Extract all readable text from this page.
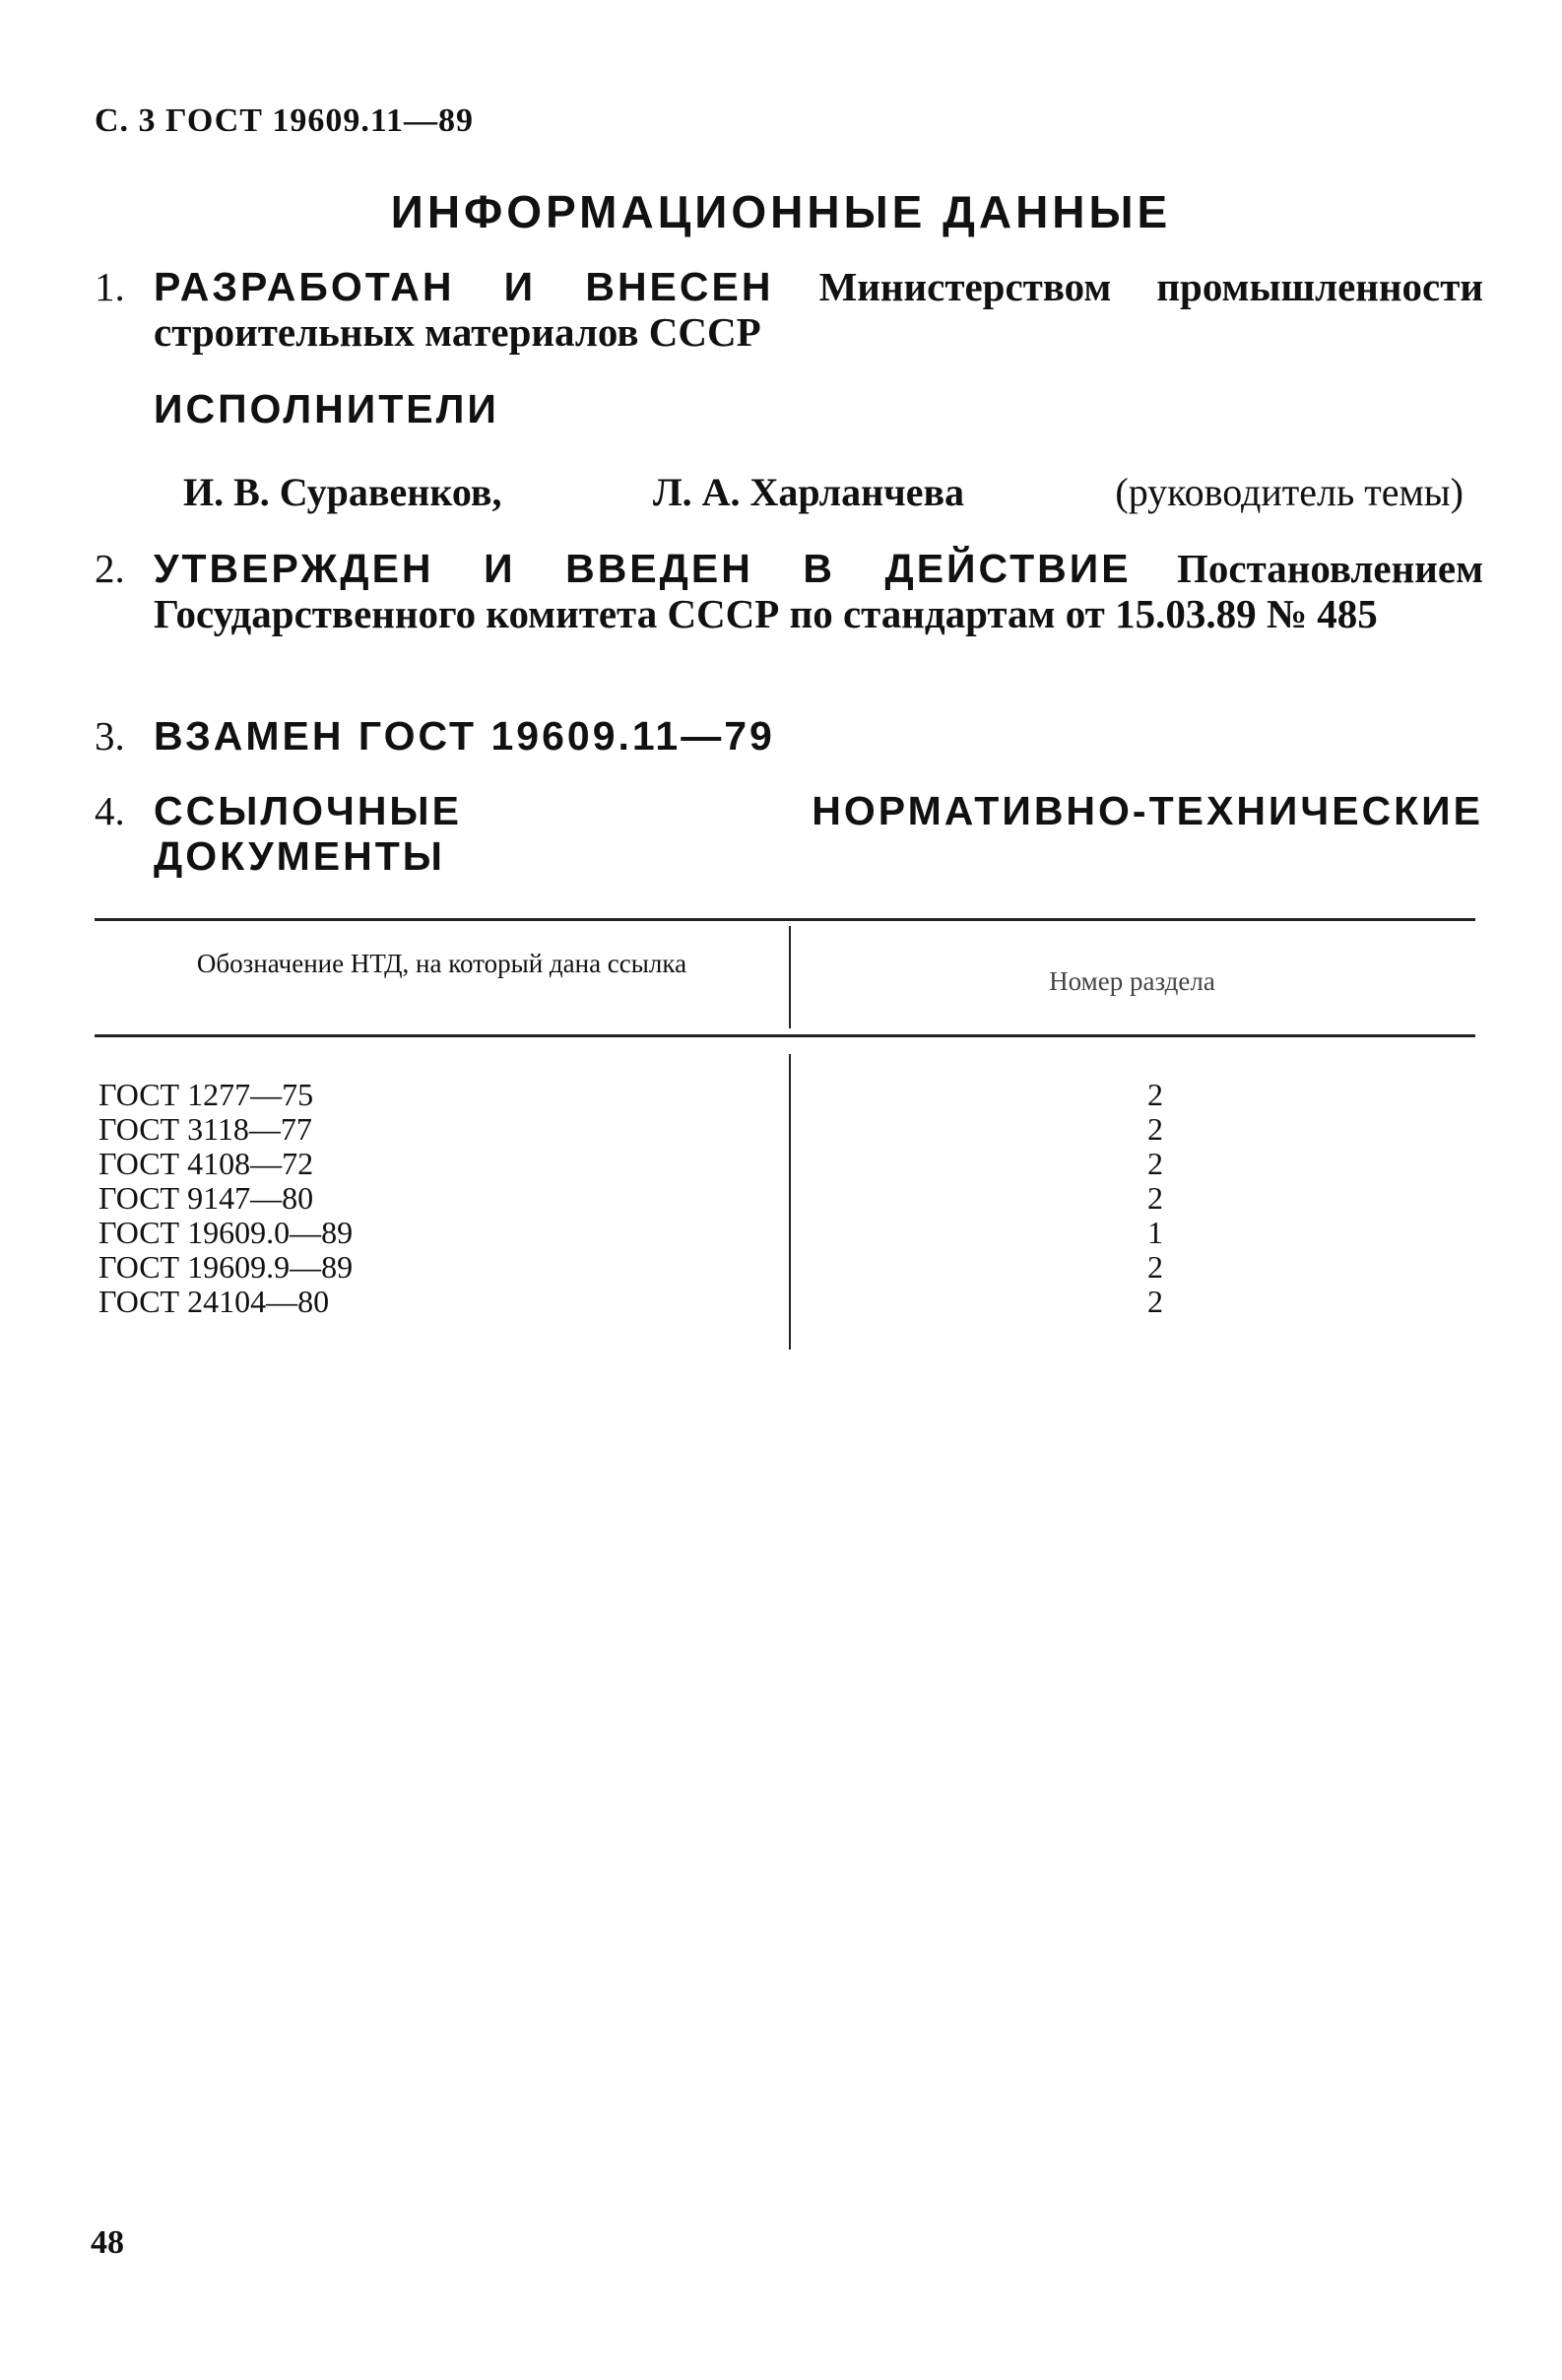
С. 3 ГОСТ 19609.11—89
ИНФОРМАЦИОННЫЕ ДАННЫЕ
1. РАЗРАБОТАН И ВНЕСЕН Министерством промышленности строительных материалов СССР
ИСПОЛНИТЕЛИ
И. В. Суравенков,	Л. А. Харланчева	(руководитель темы)
2. УТВЕРЖДЕН И ВВЕДЕН В ДЕЙСТВИЕ Постановлением Государственного комитета СССР по стандартам от 15.03.89 № 485
3. ВЗАМЕН ГОСТ 19609.11—79
4. ССЫЛОЧНЫЕ НОРМАТИВНО-ТЕХНИЧЕСКИЕ ДОКУМЕНТЫ
Обозначение НТД, на который дана ссылка
Номер раздела
ГОСТ 1277—75
ГОСТ 3118—77
ГОСТ 4108—72
ГОСТ 9147—80
ГОСТ 19609.0—89
ГОСТ 19609.9—89
ГОСТ 24104—80
2
2
2
2
1
2
2
48
